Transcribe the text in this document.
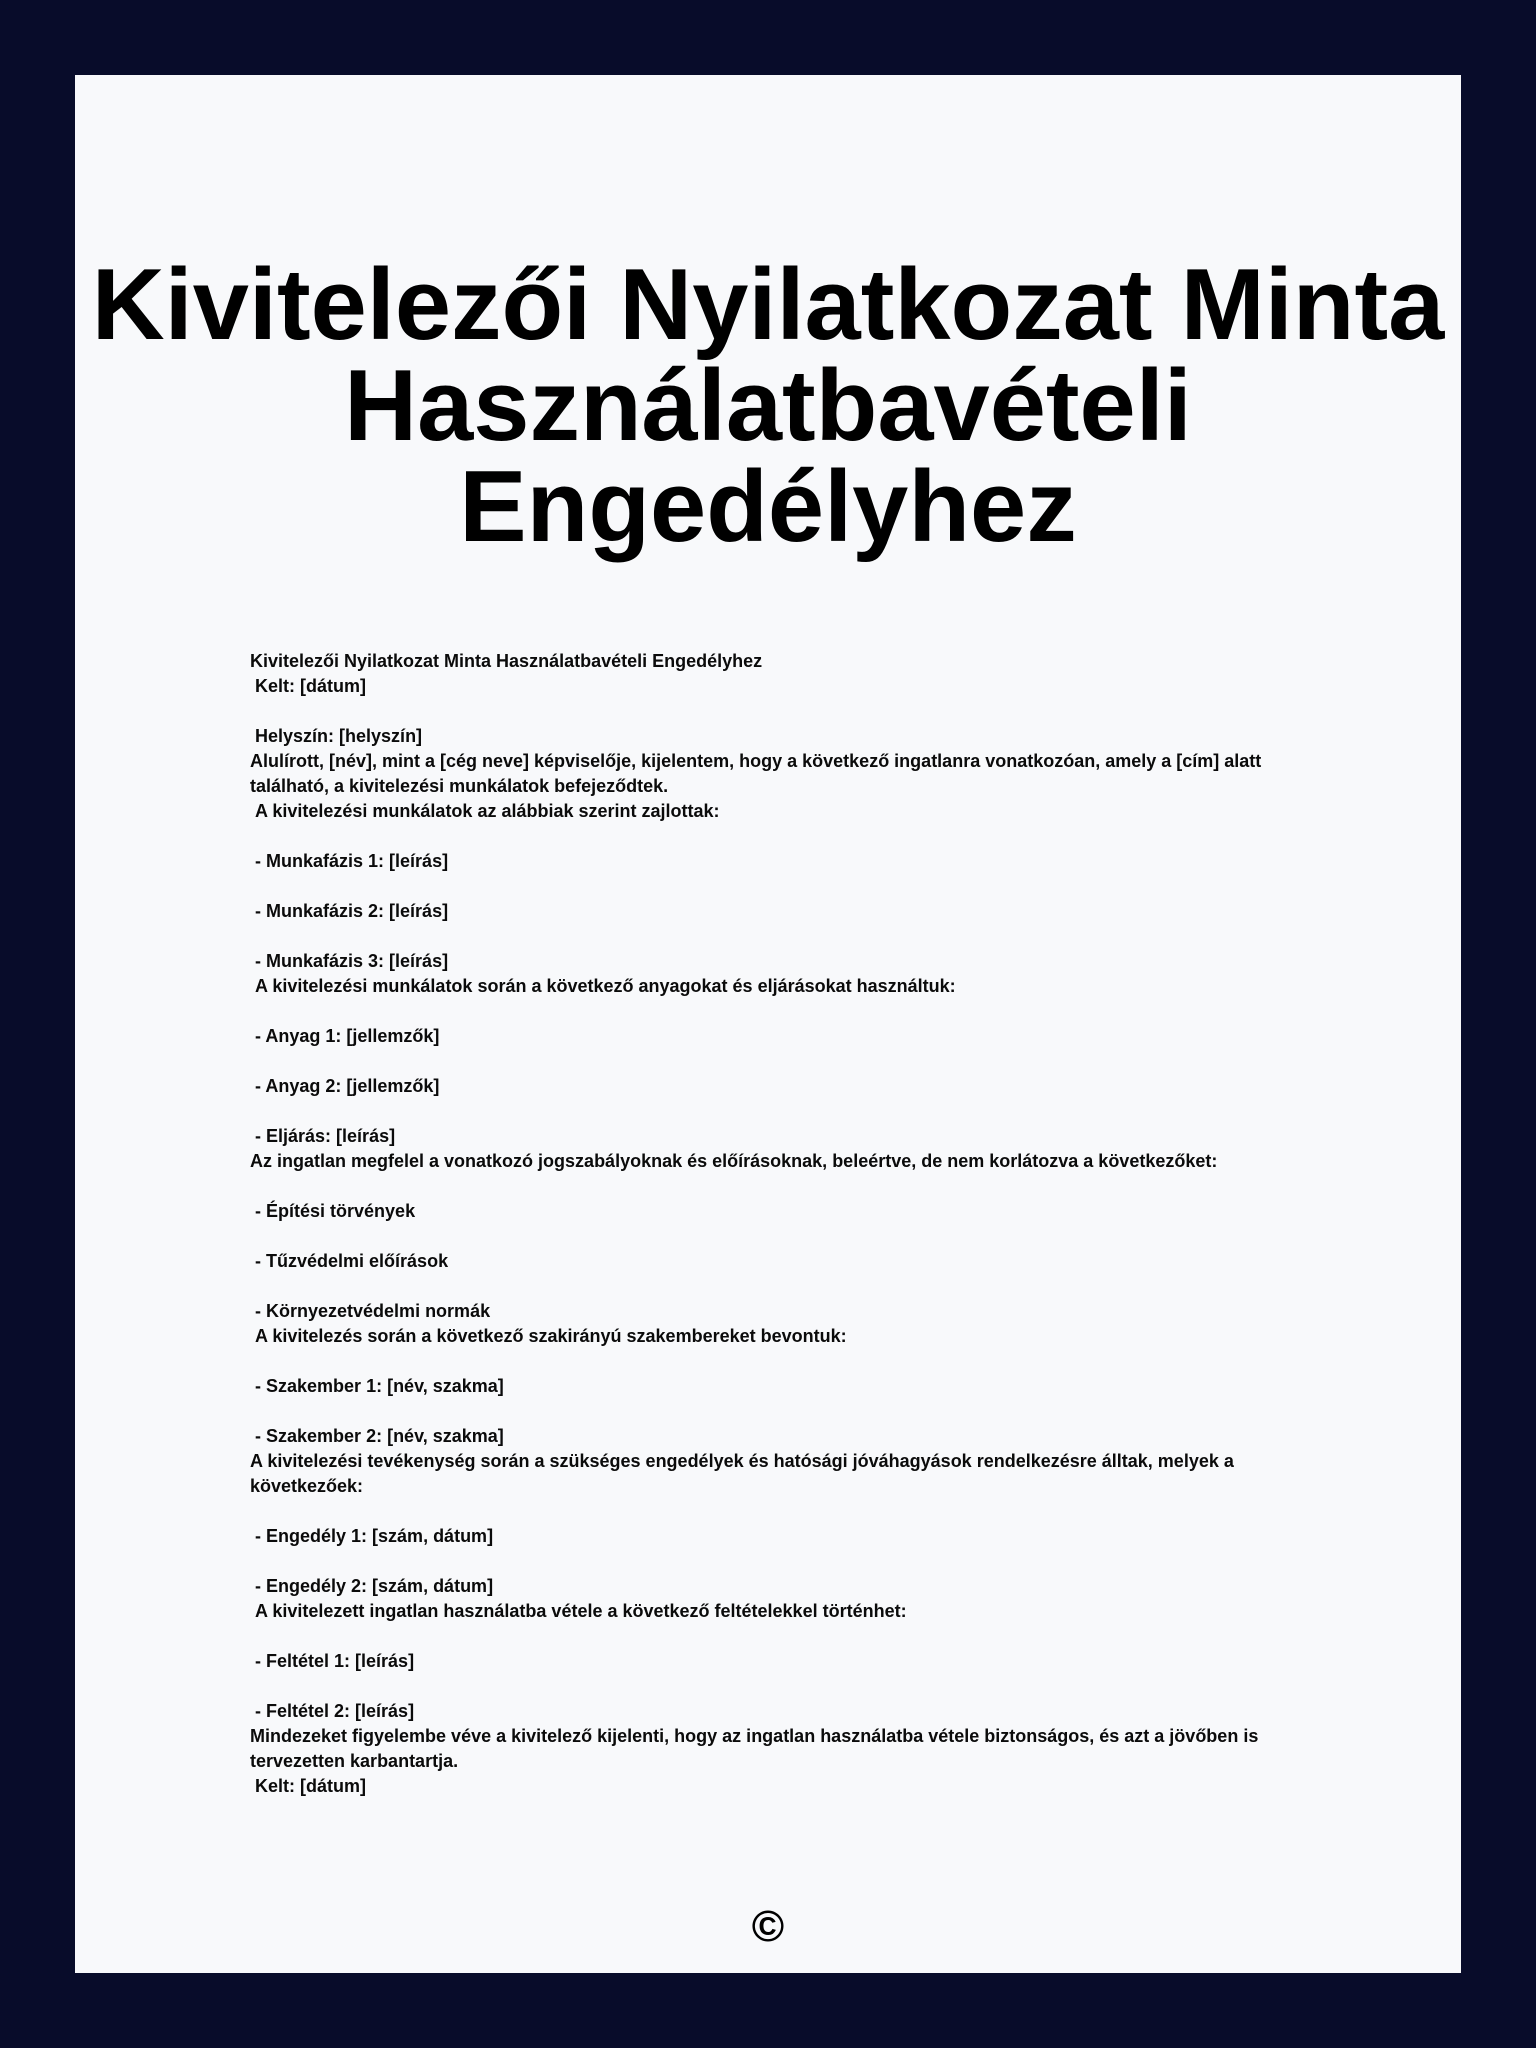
Kivitelezői Nyilatkozat Minta
Használatbavételi
Engedélyhez
Kivitelezői Nyilatkozat Minta Használatbavételi Engedélyhez
Kelt: [dátum]
Helyszín: [helyszín]
Alulírott, [név], mint a [cég neve] képviselője, kijelentem, hogy a következő ingatlanra vonatkozóan, amely a [cím] alatt található, a kivitelezési munkálatok befejeződtek.
A kivitelezési munkálatok az alábbiak szerint zajlottak:
- Munkafázis 1: [leírás]
- Munkafázis 2: [leírás]
- Munkafázis 3: [leírás]
A kivitelezési munkálatok során a következő anyagokat és eljárásokat használtuk:
- Anyag 1: [jellemzők]
- Anyag 2: [jellemzők]
- Eljárás: [leírás]
Az ingatlan megfelel a vonatkozó jogszabályoknak és előírásoknak, beleértve, de nem korlátozva a következőket:
- Építési törvények
- Tűzvédelmi előírások
- Környezetvédelmi normák
A kivitelezés során a következő szakirányú szakembereket bevontuk:
- Szakember 1: [név, szakma]
- Szakember 2: [név, szakma]
A kivitelezési tevékenység során a szükséges engedélyek és hatósági jóváhagyások rendelkezésre álltak, melyek a következőek:
- Engedély 1: [szám, dátum]
- Engedély 2: [szám, dátum]
A kivitelezett ingatlan használatba vétele a következő feltételekkel történhet:
- Feltétel 1: [leírás]
- Feltétel 2: [leírás]
Mindezeket figyelembe véve a kivitelező kijelenti, hogy az ingatlan használatba vétele biztonságos, és azt a jövőben is tervezetten karbantartja.
Kelt: [dátum]
©
